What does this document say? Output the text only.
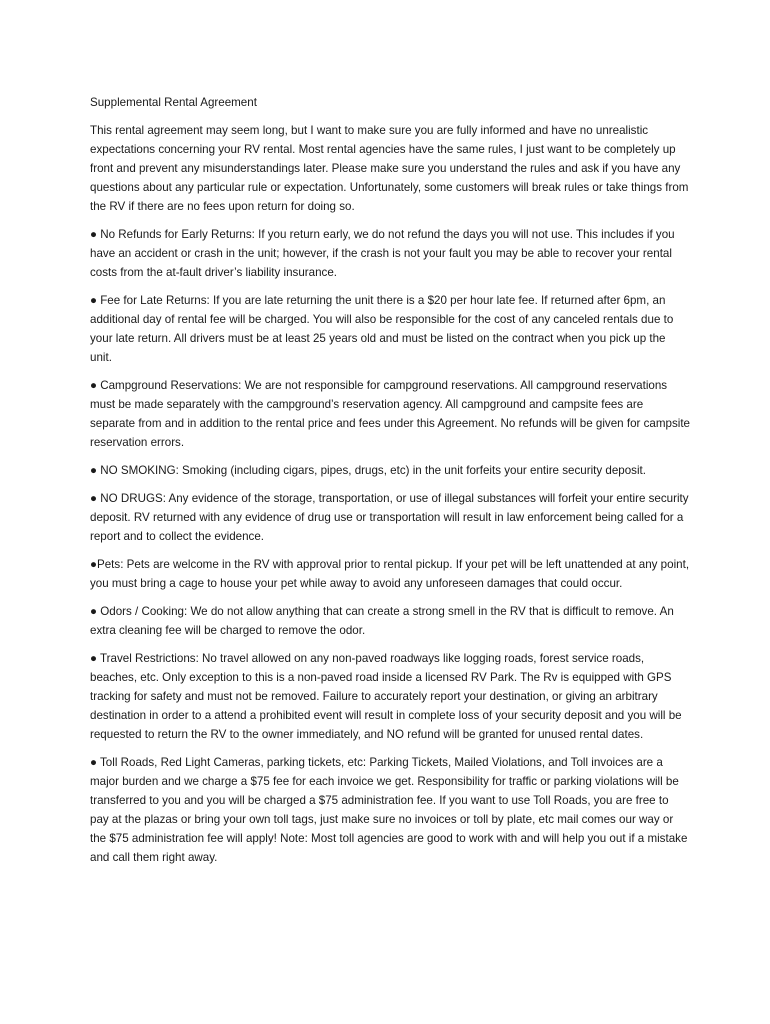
Supplemental Rental Agreement

This rental agreement may seem long, but I want to make sure you are fully informed and have no unrealistic expectations concerning your RV rental. Most rental agencies have the same rules, I just want to be completely up front and prevent any misunderstandings later. Please make sure you understand the rules and ask if you have any questions about any particular rule or expectation. Unfortunately, some customers will break rules or take things from the RV if there are no fees upon return for doing so.

● No Refunds for Early Returns: If you return early, we do not refund the days you will not use. This includes if you have an accident or crash in the unit; however, if the crash is not your fault you may be able to recover your rental costs from the at-fault driver’s liability insurance.

● Fee for Late Returns: If you are late returning the unit there is a $20 per hour late fee. If returned after 6pm, an additional day of rental fee will be charged. You will also be responsible for the cost of any canceled rentals due to your late return. All drivers must be at least 25 years old and must be listed on the contract when you pick up the unit.

● Campground Reservations: We are not responsible for campground reservations. All campground reservations must be made separately with the campground’s reservation agency. All campground and campsite fees are separate from and in addition to the rental price and fees under this Agreement. No refunds will be given for campsite reservation errors.

● NO SMOKING: Smoking (including cigars, pipes, drugs, etc) in the unit forfeits your entire security deposit.

● NO DRUGS: Any evidence of the storage, transportation, or use of illegal substances will forfeit your entire security deposit. RV returned with any evidence of drug use or transportation will result in law enforcement being called for a report and to collect the evidence.

●Pets: Pets are welcome in the RV with approval prior to rental pickup. If your pet will be left unattended at any point, you must bring a cage to house your pet while away to avoid any unforeseen damages that could occur.

● Odors / Cooking: We do not allow anything that can create a strong smell in the RV that is difficult to remove. An extra cleaning fee will be charged to remove the odor.

● Travel Restrictions: No travel allowed on any non-paved roadways like logging roads, forest service roads, beaches, etc. Only exception to this is a non-paved road inside a licensed RV Park. The Rv is equipped with GPS tracking for safety and must not be removed. Failure to accurately report your destination, or giving an arbitrary destination in order to a attend a prohibited event will result in complete loss of your security deposit and you will be requested to return the RV to the owner immediately, and NO refund will be granted for unused rental dates.

● Toll Roads, Red Light Cameras, parking tickets, etc: Parking Tickets, Mailed Violations, and Toll invoices are a major burden and we charge a $75 fee for each invoice we get. Responsibility for traffic or parking violations will be transferred to you and you will be charged a $75 administration fee. If you want to use Toll Roads, you are free to pay at the plazas or bring your own toll tags, just make sure no invoices or toll by plate, etc mail comes our way or the $75 administration fee will apply! Note: Most toll agencies are good to work with and will help you out if a mistake and call them right away.
